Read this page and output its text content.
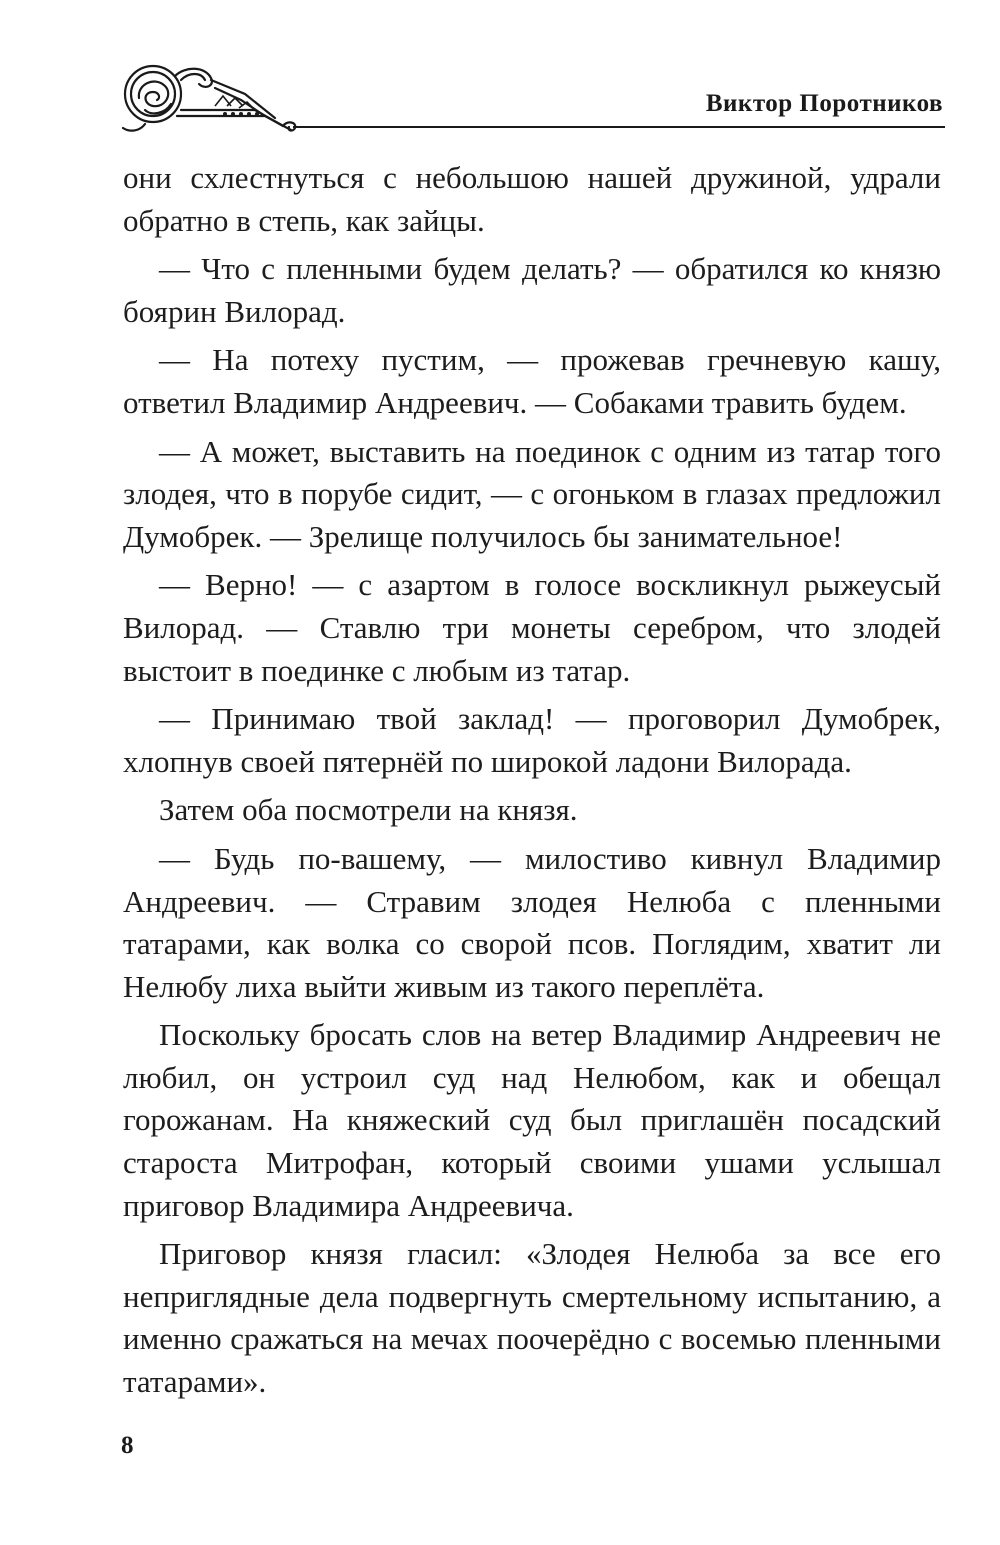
Виктор Поротников

они схлестнуться с небольшою нашей дружиной, удрали обратно в степь, как зайцы.

— Что с пленными будем делать? — обратился ко князю боярин Вилорад.

— На потеху пустим, — прожевав гречневую кашу, ответил Владимир Андреевич. — Собаками травить будем.

— А может, выставить на поединок с одним из татар того злодея, что в порубе сидит, — с огоньком в глазах предложил Думобрек. — Зрелище получилось бы занимательное!

— Верно! — с азартом в голосе воскликнул рыжеусый Вилорад. — Ставлю три монеты серебром, что злодей выстоит в поединке с любым из татар.

— Принимаю твой заклад! — проговорил Думобрек, хлопнув своей пятернёй по широкой ладони Вилорада.

Затем оба посмотрели на князя.

— Будь по-вашему, — милостиво кивнул Владимир Андреевич. — Стравим злодея Нелюба с пленными татарами, как волка со сворой псов. Поглядим, хватит ли Нелюбу лиха выйти живым из такого переплёта.

Поскольку бросать слов на ветер Владимир Андреевич не любил, он устроил суд над Нелюбом, как и обещал горожанам. На княжеский суд был приглашён посадский староста Митрофан, который своими ушами услышал приговор Владимира Андреевича.

Приговор князя гласил: «Злодея Нелюба за все его неприглядные дела подвергнуть смертельному испытанию, а именно сражаться на мечах поочерёдно с восемью пленными татарами».

8
